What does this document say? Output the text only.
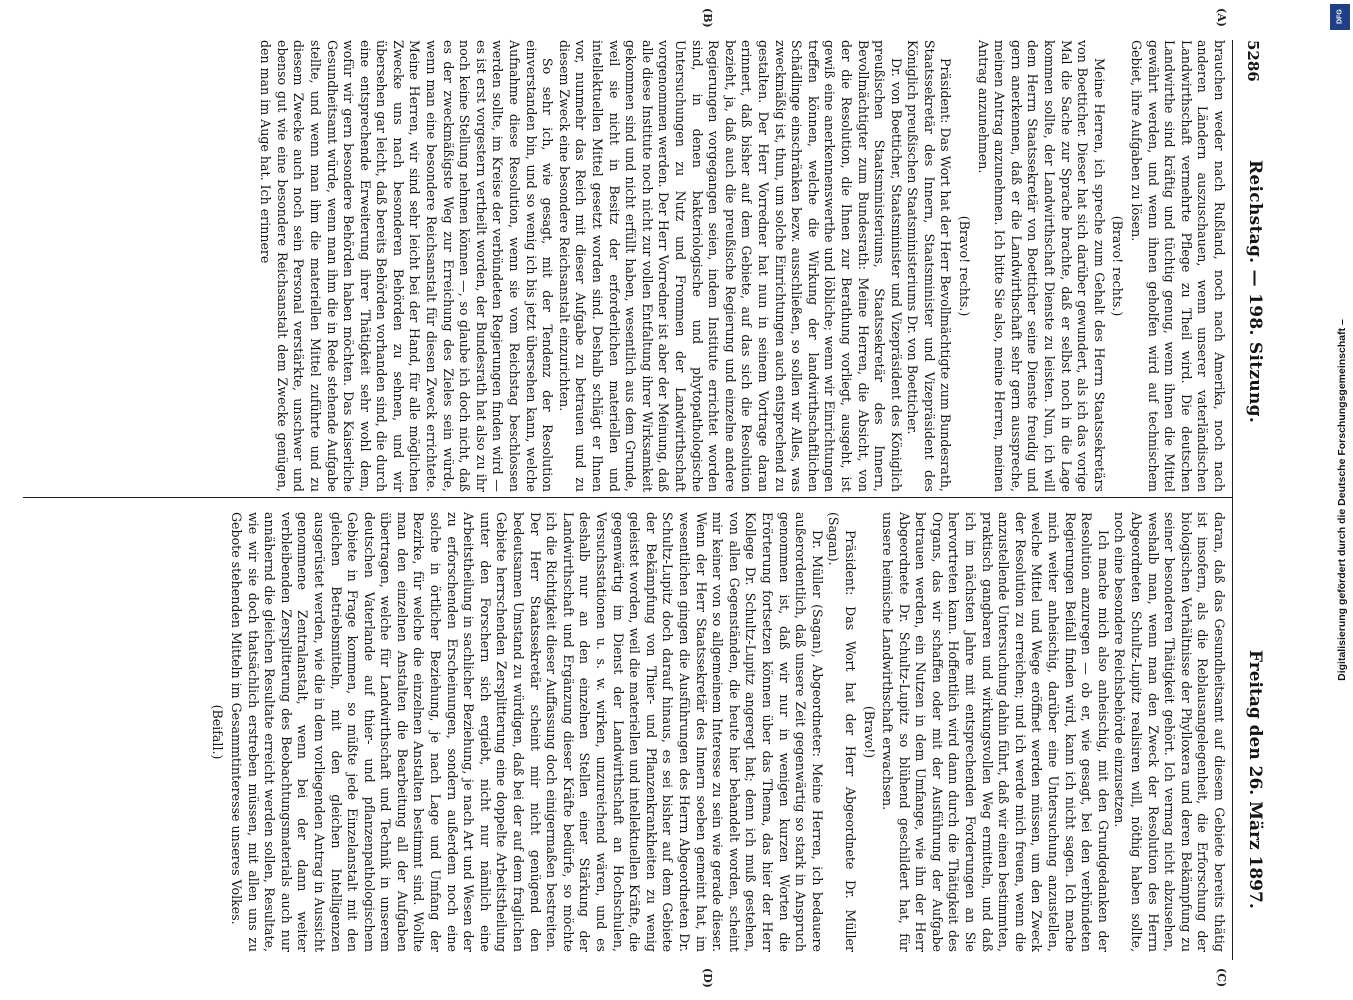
5286
Reichstag. — 198. Sitzung.
Freitag den 26. März 1897.
(A)
(B)
(C)
(D)

brauchen weder nach Rußland, noch nach Amerika, noch nach anderen Ländern auszuschauen, wenn unserer vaterländischen Landwirthschaft vermehrte Pflege zu Theil wird. Die deutschen Landwirthe sind kräftig und tüchtig genug, wenn ihnen die Mittel gewährt werden, und wenn ihnen geholfen wird auf technischem Gebiet, ihre Aufgaben zu lösen.

(Bravo! rechts.)

Meine Herren, ich spreche zum Gehalt des Herrn Staatssekretärs von Boetticher. Dieser hat sich darüber gewundert, als ich das vorige Mal die Sache zur Sprache brachte, daß er selbst noch in die Lage kommen sollte, der Landwirthschaft Dienste zu leisten. Nun, ich will dem Herrn Staatssekretär von Boetticher seine Dienste freudig und gern anerkennen, daß er die Landwirthschaft sehr gern ausspreche, meinen Antrag anzunehmen. Ich bitte Sie also, meine Herren, meinen Antrag anzunehmen.

(Bravo! rechts.)

Präsident: Das Wort hat der Herr Bevollmächtigte zum Bundesrath, Staatssekretär des Innern, Staatsminister und Vizepräsident des Königlich preußischen Staatsministeriums Dr. von Boetticher.

Dr. von Boetticher, Staatsminister und Vizepräsident des Königlich preußischen Staatsministeriums, Staatssekretär des Innern, Bevollmächtigter zum Bundesrath: Meine Herren, die Absicht, von der die Resolution, die Ihnen zur Berathung vorliegt, ausgeht, ist gewiß eine anerkennenswerthe und löbliche; wenn wir Einrichtungen treffen können, welche die Wirkung der landwirthschaftlichen Schädlinge einschränken bezw. ausschließen, so sollen wir Alles, was zweckmäßig ist, thun, um solche Einrichtungen auch entsprechend zu gestalten. Der Herr Vorredner hat nun in seinem Vortrage daran erinnert, daß bisher auf dem Gebiete, auf das sich die Resolution bezieht, ja, daß auch die preußische Regierung und einzelne andere Regierungen vorgegangen seien, indem Institute errichtet worden sind, in denen bakteriologische und phytopathologische Untersuchungen zu Nutz und Frommen der Landwirthschaft vorgenommen werden. Der Herr Vorredner ist aber der Meinung, daß alle diese Institute noch nicht zur vollen Entfaltung ihrer Wirksamkeit gekommen sind und nicht erfüllt haben, wesentlich aus dem Grunde, weil sie nicht in Besitz der erforderlichen materiellen und intellektuellen Mittel gesetzt worden sind. Deshalb schlägt er Ihnen vor, nunmehr das Reich mit dieser Aufgabe zu betrauen und zu diesem Zweck eine besondere Reichsanstalt einzurichten.

So sehr ich, wie gesagt, mit der Tendenz der Resolution einverstanden bin, und so wenig ich bis jetzt übersehen kann, welche Aufnahme diese Resolution, wenn sie vom Reichstag beschlossen werden sollte, im Kreise der verbündeten Regierungen finden wird — es ist erst vorgestern vertheilt worden, der Bundesrath hat also zu ihr noch keine Stellung nehmen können —, so glaube ich doch nicht, daß es der zweckmäßigste Weg zur Erreichung des Zieles sein würde, wenn man eine besondere Reichsanstalt für diesen Zweck errichtete. Meine Herren, wir sind sehr leicht bei der Hand, für alle möglichen Zwecke uns nach besonderen Behörden zu sehnen, und wir übersehen gar leicht, daß bereits Behörden vorhanden sind, die durch eine entsprechende Erweiterung ihrer Thätigkeit sehr wohl dem, wofür wir gern besondere Behörden haben möchten. Das Kaiserliche Gesundheitsamt würde, wenn man ihm die in Rede stehende Aufgabe stellte, und wenn man ihm die materiellen Mittel zuführte und zu diesem Zwecke auch noch sein Personal verstärkte, unschwer und ebenso gut wie eine besondere Reichsanstalt dem Zwecke genügen, den man im Auge hat. Ich erinnere

daran, daß das Gesundheitsamt auf diesem Gebiete bereits thätig ist insofern, als die Reblausangelegenheit, die Erforschung der biologischen Verhältnisse der Phylloxera und deren Bekämpfung zu seiner besonderen Thätigkeit gehört. Ich vermag nicht abzusehen, weshalb man, wenn man den Zweck der Resolution des Herrn Abgeordneten Schultz-Lupitz realisiren will, nöthig haben sollte, noch eine besondere Reichsbehörde einzusetzen.

Ich mache mich also anheischig, mit den Grundgedanken der Resolution anzuregen — ob er, wie gesagt, bei den verbündeten Regierungen Beifall finden wird, kann ich nicht sagen. Ich mache mich weiter anheischig, darüber eine Untersuchung anzustellen, welche Mittel und Wege eröffnet werden müssen, um den Zweck der Resolution zu erreichen; und ich werde mich freuen, wenn die anzustellende Untersuchung dahin führt, daß wir einen bestimmten, praktisch gangbaren und wirkungsvollen Weg ermitteln, und daß ich im nächsten Jahre mit entsprechenden Forderungen an Sie hervortreten kann. Hoffentlich wird dann durch die Thätigkeit des Organs, das wir schaffen oder mit der Ausführung der Aufgabe betrauen werden, ein Nutzen in dem Umfange, wie ihn der Herr Abgeordnete Dr. Schultz-Lupitz so blühend geschildert hat, für unsere heimische Landwirthschaft erwachsen.

(Bravo!)

Präsident: Das Wort hat der Herr Abgeordnete Dr. Müller (Sagan).

Dr. Müller (Sagan), Abgeordneter: Meine Herren, ich bedauere außerordentlich, daß unsere Zeit gegenwärtig so stark in Anspruch genommen ist, daß wir nur in wenigen kurzen Worten die Erörterung fortsetzen können über das Thema, das hier der Herr Kollege Dr. Schultz-Lupitz angeregt hat; denn ich muß gestehen, von allen Gegenständen, die heute hier behandelt worden, scheint mir keiner von so allgemeinem Interesse zu sein wie gerade dieser. Wenn der Herr Staatssekretär des Innern soeben gemeint hat, im wesentlichen gingen die Ausführungen des Herrn Abgeordneten Dr. Schultz-Lupitz doch darauf hinaus, es sei bisher auf dem Gebiete der Bekämpfung von Thier- und Pflanzenkrankheiten zu wenig geleistet worden, weil die materiellen und intellektuellen Kräfte, die gegenwärtig im Dienst der Landwirthschaft an Hochschulen, Versuchsstationen u. s. w. wirken, unzureichend wären, und es deshalb nur an den einzelnen Stellen einer Stärkung der Landwirthschaft und Ergänzung dieser Kräfte bedürfe, so möchte ich die Richtigkeit dieser Auffassung doch einigermaßen bestreiten. Der Herr Staatssekretär scheint mir nicht genügend den bedeutsamen Umstand zu würdigen, daß bei der auf dem fraglichen Gebiete herrschenden Zersplitterung eine doppelte Arbeitstheilung unter den Forschern sich ergiebt, nicht nur nämlich eine Arbeitstheilung in sachlicher Beziehung, je nach Art und Wesen der zu erforschenden Erscheinungen, sondern außerdem noch eine solche in örtlicher Beziehung, je nach Lage und Umfang der Bezirke, für welche die einzelnen Anstalten bestimmt sind. Wollte man den einzelnen Anstalten die Bearbeitung all der Aufgaben übertragen, welche für Landwirthschaft und Technik in unserem deutschen Vaterlande auf thier- und pflanzenpathologischem Gebiete in Frage kommen, so müßte jede Einzelanstalt mit den gleichen Betriebsmitteln, mit den gleichen Intelligenzen ausgerüstet werden, wie die in dem vorliegenden Antrag in Aussicht genommene Zentralanstalt, wenn bei der dann weiter verbleibenden Zersplitterung des Beobachtungsmaterials auch nur annähernd die gleichen Resultate erreicht werden sollen, Resultate, wie wir sie doch thatsächlich erstreben müssen, mit allen uns zu Gebote stehenden Mitteln im Gesammtinteresse unseres Volkes.

(Beifall.)

DFG
Digitalisierung gefördert durch die Deutsche Forschungsgemeinschaft –
